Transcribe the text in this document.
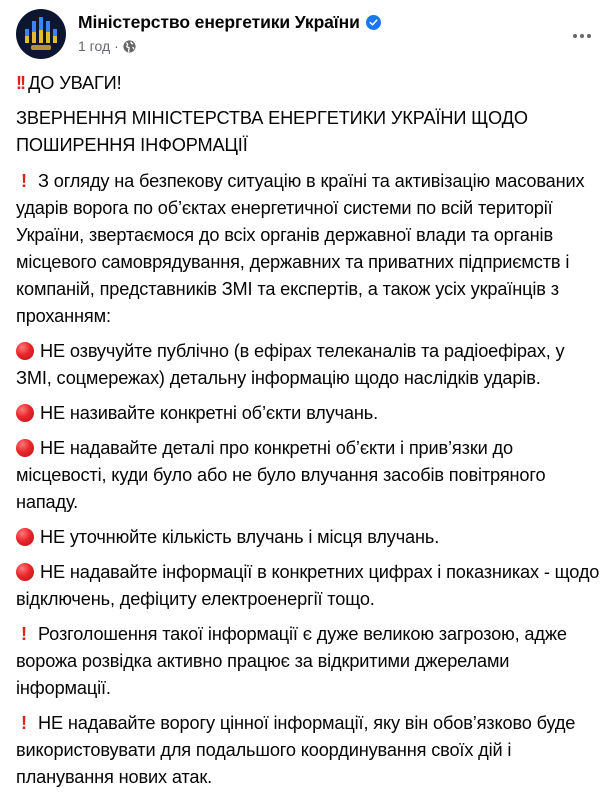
Міністерство енергетики України
1 год ·

!! ДО УВАГИ!

ЗВЕРНЕННЯ МІНІСТЕРСТВА ЕНЕРГЕТИКИ УКРАЇНИ ЩОДО ПОШИРЕННЯ ІНФОРМАЦІЇ

! З огляду на безпекову ситуацію в країні та активізацію масованих ударів ворога по об’єктах енергетичної системи по всій території України, звертаємося до всіх органів державної влади та органів місцевого самоврядування, державних та приватних підприємств і компаній, представників ЗМІ та експертів, а також усіх українців з проханням:

НЕ озвучуйте публічно (в ефірах телеканалів та радіоефірах, у ЗМІ, соцмережах) детальну інформацію щодо наслідків ударів.

НЕ називайте конкретні об’єкти влучань.

НЕ надавайте деталі про конкретні об’єкти і прив’язки до місцевості, куди було або не було влучання засобів повітряного нападу.

НЕ уточнюйте кількість влучань і місця влучань.

НЕ надавайте інформації в конкретних цифрах і показниках - щодо відключень, дефіциту електроенергії тощо.

! Розголошення такої інформації є дуже великою загрозою, адже ворожа розвідка активно працює за відкритими джерелами інформації.

! НЕ надавайте ворогу цінної інформації, яку він обов’язково буде використовувати для подальшого координування своїх дій і планування нових атак.
